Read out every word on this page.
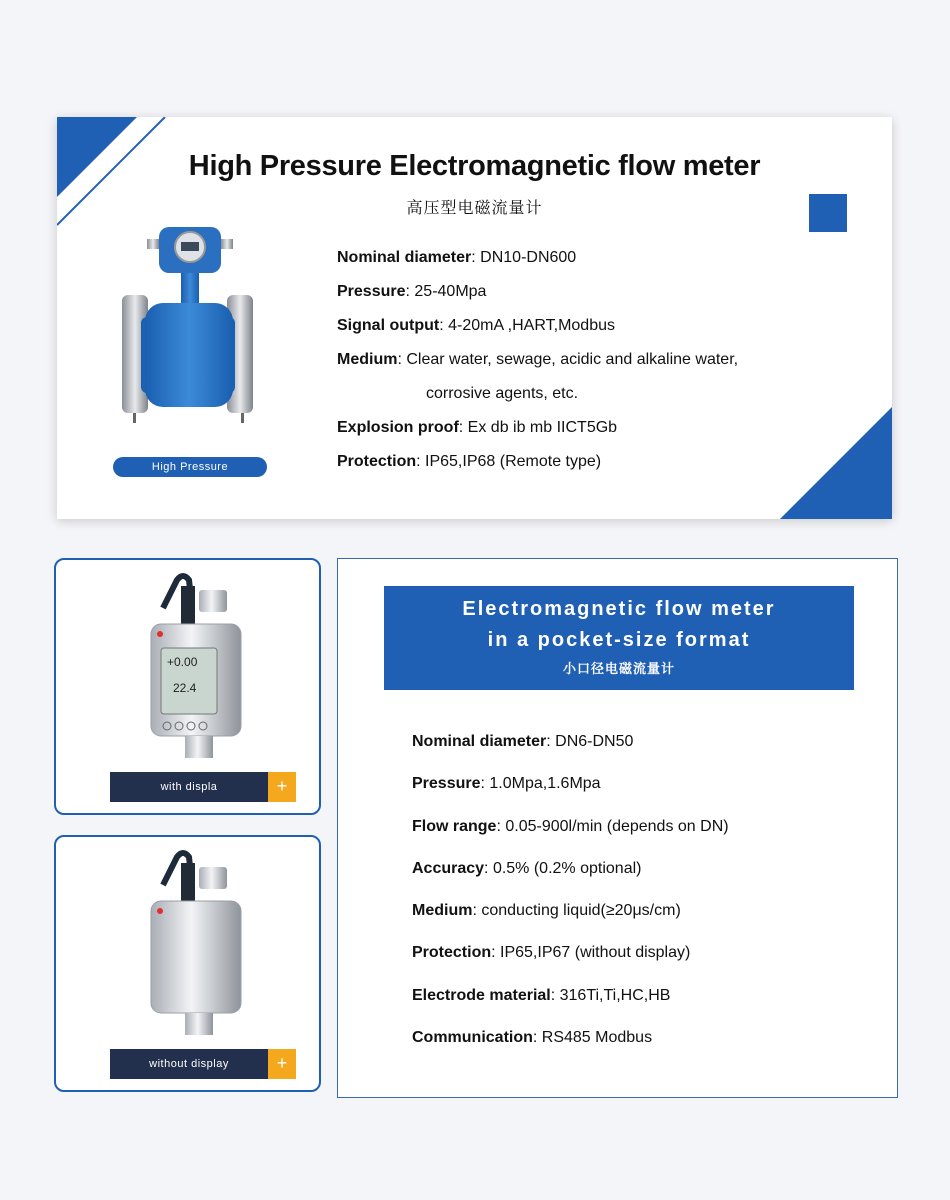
High Pressure Electromagnetic flow meter
高压型电磁流量计
High Pressure
Nominal diameter: DN10-DN600
Pressure: 25-40Mpa
Signal output: 4-20mA ,HART,Modbus
Medium: Clear water, sewage, acidic and alkaline water,
corrosive agents, etc.
Explosion proof: Ex db ib mb IICT5Gb
Protection: IP65,IP68 (Remote type)
+0.00
22.4
with displa	+
without display	+
Electromagnetic flow meter
in a pocket-size format
小口径电磁流量计
Nominal diameter: DN6-DN50
Pressure: 1.0Mpa,1.6Mpa
Flow range: 0.05-900l/min (depends on DN)
Accuracy: 0.5% (0.2% optional)
Medium: conducting liquid(≥20μs/cm)
Protection: IP65,IP67 (without display)
Electrode material: 316Ti,Ti,HC,HB
Communication: RS485 Modbus
